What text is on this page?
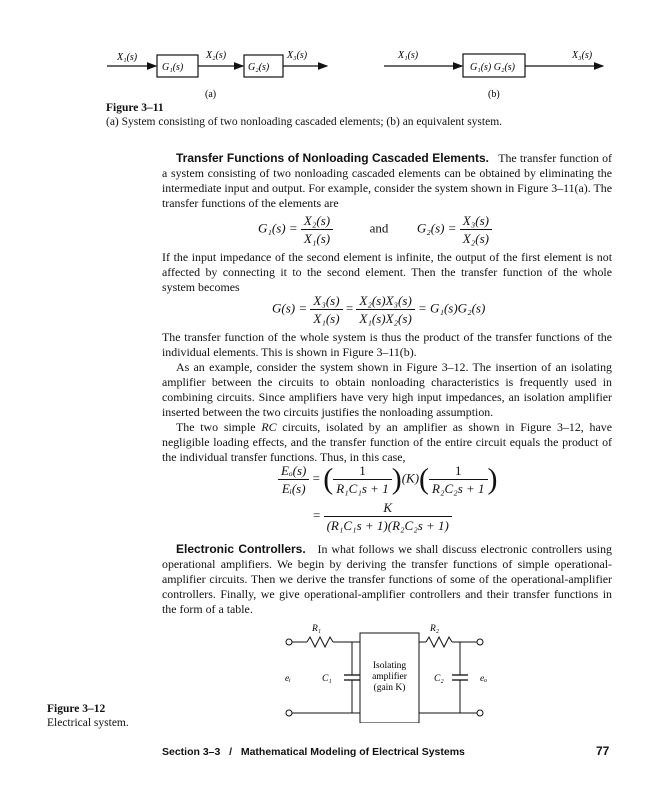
X₁(s)
G₁(s)
X₂(s)
G₂(s)
X₃(s)
(a)
X₁(s)
G₁(s) G₂(s)
X₃(s)
(b)
Figure 3–11
(a) System consisting of two nonloading cascaded elements; (b) an equivalent system.

Transfer Functions of Nonloading Cascaded Elements. The transfer function of a system consisting of two nonloading cascaded elements can be obtained by eliminating the intermediate input and output. For example, consider the system shown in Figure 3–11(a). The transfer functions of the elements are

$G_1(s) = \frac{\text{X₂(s)}}{\text{X₁(s)}}$	and $G_2(s) = \frac{\text{X₃(s)}}{\text{X₂(s)}}$

If the input impedance of the second element is infinite, the output of the first element is not affected by connecting it to the second element. Then the transfer function of the whole system becomes

$G(s) = \frac{\text{X₃(s)}}{\text{X₁(s)}} = \frac{\text{X₂(s)X₃(s)}}{\text{X₁(s)X₂(s)}} = G_1(s)G_2(s)$

The transfer function of the whole system is thus the product of the transfer functions of the individual elements. This is shown in Figure 3–11(b).

As an example, consider the system shown in Figure 3–12. The insertion of an isolating amplifier between the circuits to obtain nonloading characteristics is frequently used in combining circuits. Since amplifiers have very high input impedances, an isolation amplifier inserted between the two circuits justifies the nonloading assumption.

The two simple RC circuits, isolated by an amplifier as shown in Figure 3–12, have negligible loading effects, and the transfer function of the entire circuit equals the product of the individual transfer functions. Thus, in this case,

$\frac{\text{Eₒ(s)}}{\text{Eᵢ(s)}}$ = ( $\frac{1}{\text{R₁C₁s + 1}} )(K)( \frac{1}{\text{R₂C₂s + 1}}$ )
= $\frac{K}{\text{(R₁C₁s + 1)(R₂C₂s + 1)}}$

Electronic Controllers. In what follows we shall discuss electronic controllers using operational amplifiers. We begin by deriving the transfer functions of simple operational-amplifier circuits. Then we derive the transfer functions of some of the operational-amplifier controllers. Finally, we give operational-amplifier controllers and their transfer functions in the form of a table.

R₁	R₂
C₁	C₂
eᵢ	eₒ
Isolating
amplifier
(gain K)
Figure 3–12
Electrical system.
Section 3–3 / Mathematical Modeling of Electrical Systems	77
